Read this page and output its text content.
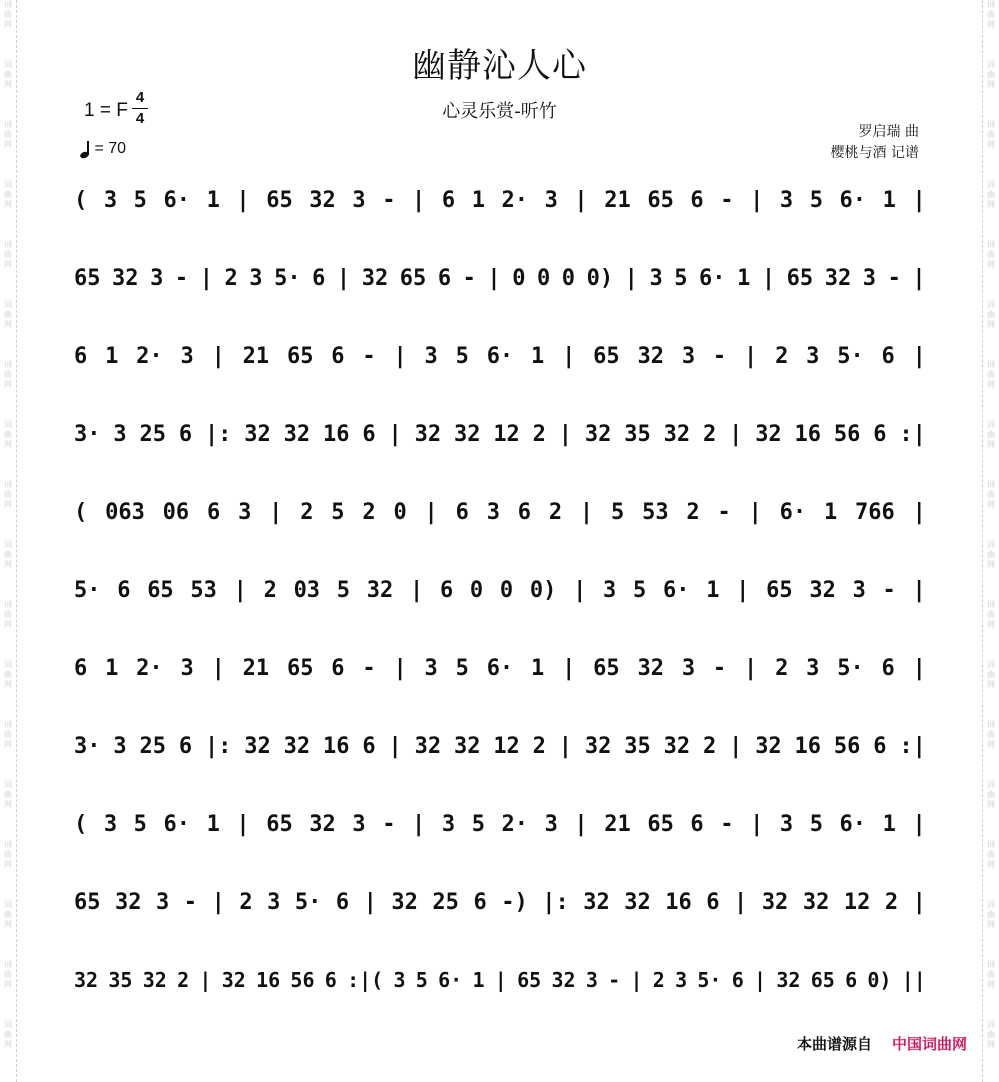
词
曲
网
词
曲
网
词
曲
网
词
曲
网
词
曲
网
词
曲
网
词
曲
网
词
曲
网
词
曲
网
词
曲
网
词
曲
网
词
曲
网
词
曲
网
词
曲
网
词
曲
网
词
曲
网
词
曲
网
词
曲
网
词
曲
网
词
曲
网
词
曲
网
词
曲
网
词
曲
网
词
曲
网
词
曲
网
词
曲
网
词
曲
网
词
曲
网
词
曲
网
词
曲
网
词
曲
网
词
曲
网
词
曲
网
词
曲
网
词
曲
网
词
曲
网
幽静沁人心
心灵乐赏-听竹
1 = F
4
4
= 70
罗启瑞 曲
樱桃与酒 记谱
( 3 5 6· 1 | 65 32 3 - | 6 1 2· 3 | 21 65 6 - | 3 5 6· 1 |
65 32 3 - | 2 3 5· 6 | 32 65 6 - | 0 0 0 0) | 3 5 6· 1 | 65 32 3 - |
6 1 2· 3 | 21 65 6 - | 3 5 6· 1 | 65 32 3 - | 2 3 5· 6 |
3· 3 25 6 |: 32 32 16 6 | 32 32 12 2 | 32 35 32 2 | 32 16 56 6 :|
( 063 06 6 3 | 2 5 2 0 | 6 3 6 2 | 5 53 2 - | 6· 1 766 |
5· 6 65 53 | 2 03 5 32 | 6 0 0 0) | 3 5 6· 1 | 65 32 3 - |
6 1 2· 3 | 21 65 6 - | 3 5 6· 1 | 65 32 3 - | 2 3 5· 6 |
3· 3 25 6 |: 32 32 16 6 | 32 32 12 2 | 32 35 32 2 | 32 16 56 6 :|
( 3 5 6· 1 | 65 32 3 - | 3 5 2· 3 | 21 65 6 - | 3 5 6· 1 |
65 32 3 - | 2 3 5· 6 | 32 25 6 -) |: 32 32 16 6 | 32 32 12 2 |
32 35 32 2 | 32 16 56 6 :|( 3 5 6· 1 | 65 32 3 - | 2 3 5· 6 | 32 65 6 0) ||
本曲谱源自 中国词曲网
